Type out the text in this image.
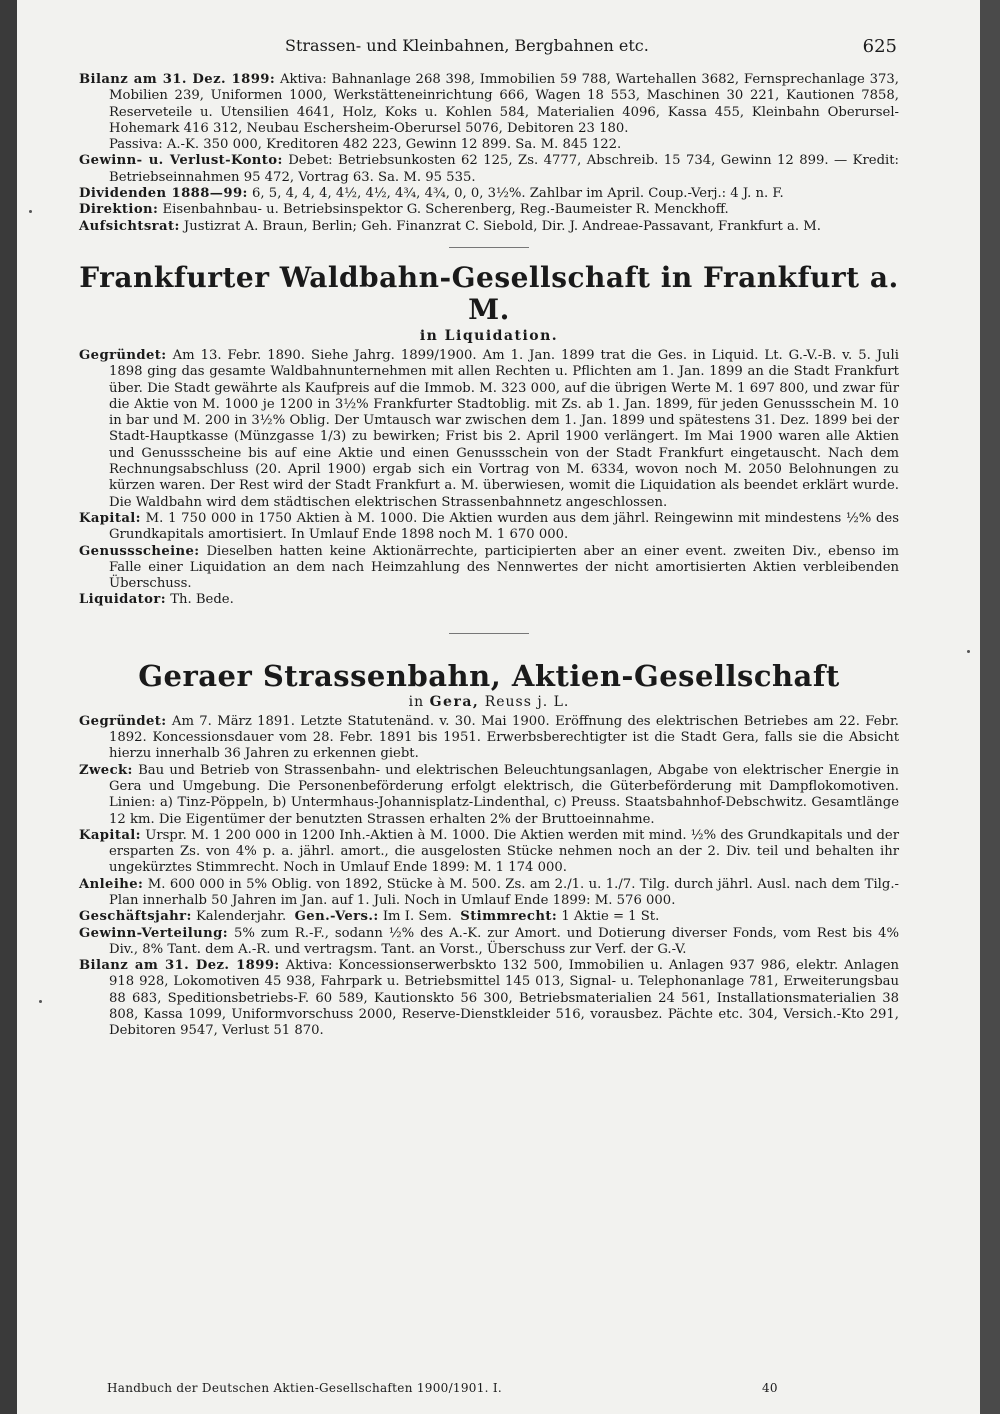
Strassen- und Kleinbahnen, Bergbahnen etc.	625

Bilanz am 31. Dez. 1899: Aktiva: Bahnanlage 268 398, Immobilien 59 788, Wartehallen 3682, Fernsprechanlage 373, Mobilien 239, Uniformen 1000, Werkstätteneinrichtung 666, Wagen 18 553, Maschinen 30 221, Kautionen 7858, Reserveteile u. Utensilien 4641, Holz, Koks u. Kohlen 584, Materialien 4096, Kassa 455, Kleinbahn Oberursel-Hohemark 416 312, Neubau Eschersheim-Oberursel 5076, Debitoren 23 180.

Passiva: A.-K. 350 000, Kreditoren 482 223, Gewinn 12 899. Sa. M. 845 122.

Gewinn- u. Verlust-Konto: Debet: Betriebsunkosten 62 125, Zs. 4777, Abschreib. 15 734, Gewinn 12 899. — Kredit: Betriebseinnahmen 95 472, Vortrag 63. Sa. M. 95 535.

Dividenden 1888—99: 6, 5, 4, 4, 4, 4½, 4½, 4¾, 4¾, 0, 0, 3½%. Zahlbar im April. Coup.-Verj.: 4 J. n. F.

Direktion: Eisenbahnbau- u. Betriebsinspektor G. Scherenberg, Reg.-Baumeister R. Menckhoff.

Aufsichtsrat: Justizrat A. Braun, Berlin; Geh. Finanzrat C. Siebold, Dir. J. Andreae-Passavant, Frankfurt a. M.

Frankfurter Waldbahn-Gesellschaft in Frankfurt a. M.
in Liquidation.

Gegründet: Am 13. Febr. 1890. Siehe Jahrg. 1899/1900. Am 1. Jan. 1899 trat die Ges. in Liquid. Lt. G.-V.-B. v. 5. Juli 1898 ging das gesamte Waldbahnunternehmen mit allen Rechten u. Pflichten am 1. Jan. 1899 an die Stadt Frankfurt über. Die Stadt gewährte als Kaufpreis auf die Immob. M. 323 000, auf die übrigen Werte M. 1 697 800, und zwar für die Aktie von M. 1000 je 1200 in 3½% Frankfurter Stadtoblig. mit Zs. ab 1. Jan. 1899, für jeden Genussschein M. 10 in bar und M. 200 in 3½% Oblig. Der Umtausch war zwischen dem 1. Jan. 1899 und spätestens 31. Dez. 1899 bei der Stadt-Hauptkasse (Münzgasse 1/3) zu bewirken; Frist bis 2. April 1900 verlängert. Im Mai 1900 waren alle Aktien und Genussscheine bis auf eine Aktie und einen Genussschein von der Stadt Frankfurt eingetauscht. Nach dem Rechnungsabschluss (20. April 1900) ergab sich ein Vortrag von M. 6334, wovon noch M. 2050 Belohnungen zu kürzen waren. Der Rest wird der Stadt Frankfurt a. M. überwiesen, womit die Liquidation als beendet erklärt wurde. Die Waldbahn wird dem städtischen elektrischen Strassenbahnnetz angeschlossen.

Kapital: M. 1 750 000 in 1750 Aktien à M. 1000. Die Aktien wurden aus dem jährl. Reingewinn mit mindestens ½% des Grundkapitals amortisiert. In Umlauf Ende 1898 noch M. 1 670 000.

Genussscheine: Dieselben hatten keine Aktionärrechte, participierten aber an einer event. zweiten Div., ebenso im Falle einer Liquidation an dem nach Heimzahlung des Nennwertes der nicht amortisierten Aktien verbleibenden Überschuss.

Liquidator: Th. Bede.

Geraer Strassenbahn, Aktien-Gesellschaft
in Gera, Reuss j. L.

Gegründet: Am 7. März 1891. Letzte Statutenänd. v. 30. Mai 1900. Eröffnung des elektrischen Betriebes am 22. Febr. 1892. Koncessionsdauer vom 28. Febr. 1891 bis 1951. Erwerbsberechtigter ist die Stadt Gera, falls sie die Absicht hierzu innerhalb 36 Jahren zu erkennen giebt.

Zweck: Bau und Betrieb von Strassenbahn- und elektrischen Beleuchtungsanlagen, Abgabe von elektrischer Energie in Gera und Umgebung. Die Personenbeförderung erfolgt elektrisch, die Güterbeförderung mit Dampflokomotiven. Linien: a) Tinz-Pöppeln, b) Untermhaus-Johannisplatz-Lindenthal, c) Preuss. Staatsbahnhof-Debschwitz. Gesamtlänge 12 km. Die Eigentümer der benutzten Strassen erhalten 2% der Bruttoeinnahme.

Kapital: Urspr. M. 1 200 000 in 1200 Inh.-Aktien à M. 1000. Die Aktien werden mit mind. ½% des Grundkapitals und der ersparten Zs. von 4% p. a. jährl. amort., die ausgelosten Stücke nehmen noch an der 2. Div. teil und behalten ihr ungekürztes Stimmrecht. Noch in Umlauf Ende 1899: M. 1 174 000.

Anleihe: M. 600 000 in 5% Oblig. von 1892, Stücke à M. 500. Zs. am 2./1. u. 1./7. Tilg. durch jährl. Ausl. nach dem Tilg.-Plan innerhalb 50 Jahren im Jan. auf 1. Juli. Noch in Umlauf Ende 1899: M. 576 000.

Geschäftsjahr: Kalenderjahr. Gen.-Vers.: Im I. Sem. Stimmrecht: 1 Aktie = 1 St.

Gewinn-Verteilung: 5% zum R.-F., sodann ½% des A.-K. zur Amort. und Dotierung diverser Fonds, vom Rest bis 4% Div., 8% Tant. dem A.-R. und vertragsm. Tant. an Vorst., Überschuss zur Verf. der G.-V.

Bilanz am 31. Dez. 1899: Aktiva: Koncessionserwerbskto 132 500, Immobilien u. Anlagen 937 986, elektr. Anlagen 918 928, Lokomotiven 45 938, Fahrpark u. Betriebsmittel 145 013, Signal- u. Telephonanlage 781, Erweiterungsbau 88 683, Speditionsbetriebs-F. 60 589, Kautionskto 56 300, Betriebsmaterialien 24 561, Installationsmaterialien 38 808, Kassa 1099, Uniformvorschuss 2000, Reserve-Dienstkleider 516, vorausbez. Pächte etc. 304, Versich.-Kto 291, Debitoren 9547, Verlust 51 870.

Handbuch der Deutschen Aktien-Gesellschaften 1900/1901. I.	40
